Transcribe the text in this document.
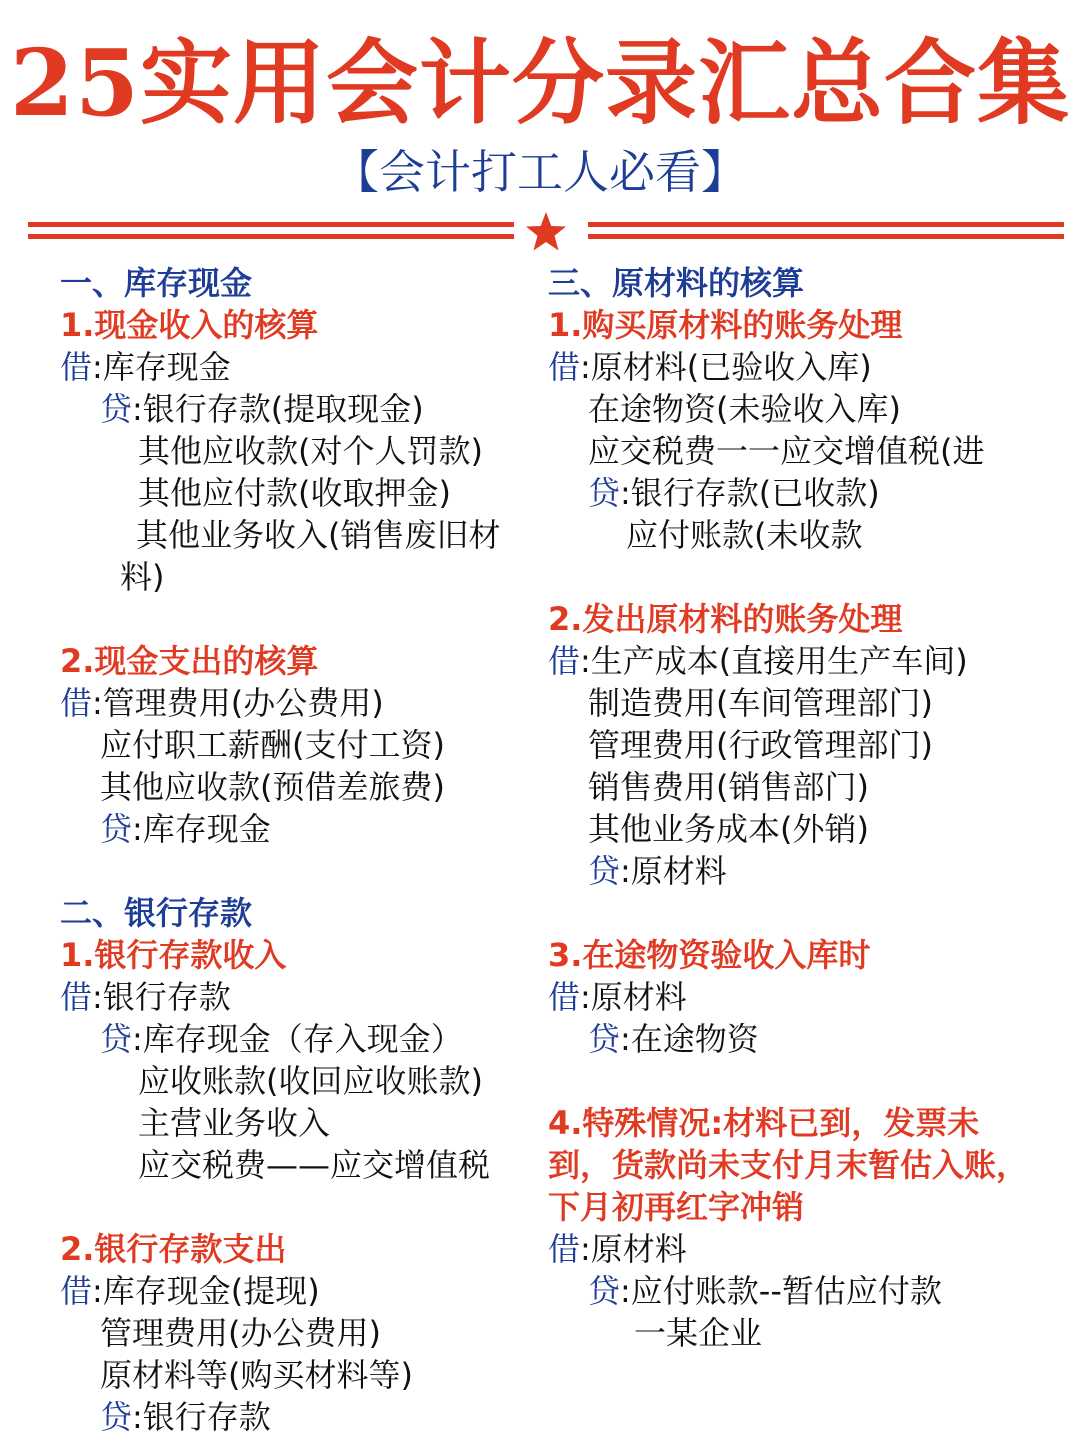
25实用会计分录汇总合集
【会计打工人必看】
一、库存现金
1.现金收入的核算
借:库存现金
贷:银行存款(提取现金)
其他应收款(对个人罚款)
其他应付款(收取押金)
其他业务收入(销售废旧材
料)
2.现金支出的核算
借:管理费用(办公费用)
应付职工薪酬(支付工资)
其他应收款(预借差旅费)
贷:库存现金
二、银行存款
1.银行存款收入
借:银行存款
贷:库存现金（存入现金）
应收账款(收回应收账款)
主营业务收入
应交税费——应交增值税
2.银行存款支出
借:库存现金(提现)
管理费用(办公费用)
原材料等(购买材料等)
贷:银行存款
三、原材料的核算
1.购买原材料的账务处理
借:原材料(已验收入库)
在途物资(未验收入库)
应交税费一一应交增值税(进
贷:银行存款(已收款)
应付账款(未收款
2.发出原材料的账务处理
借:生产成本(直接用生产车间)
制造费用(车间管理部门)
管理费用(行政管理部门)
销售费用(销售部门)
其他业务成本(外销)
贷:原材料
3.在途物资验收入库时
借:原材料
贷:在途物资
4.特殊情况:材料已到，发票未到，货款尚未支付月末暂估入账，下月初再红字冲销
借:原材料
贷:应付账款--暂估应付款
一某企业
